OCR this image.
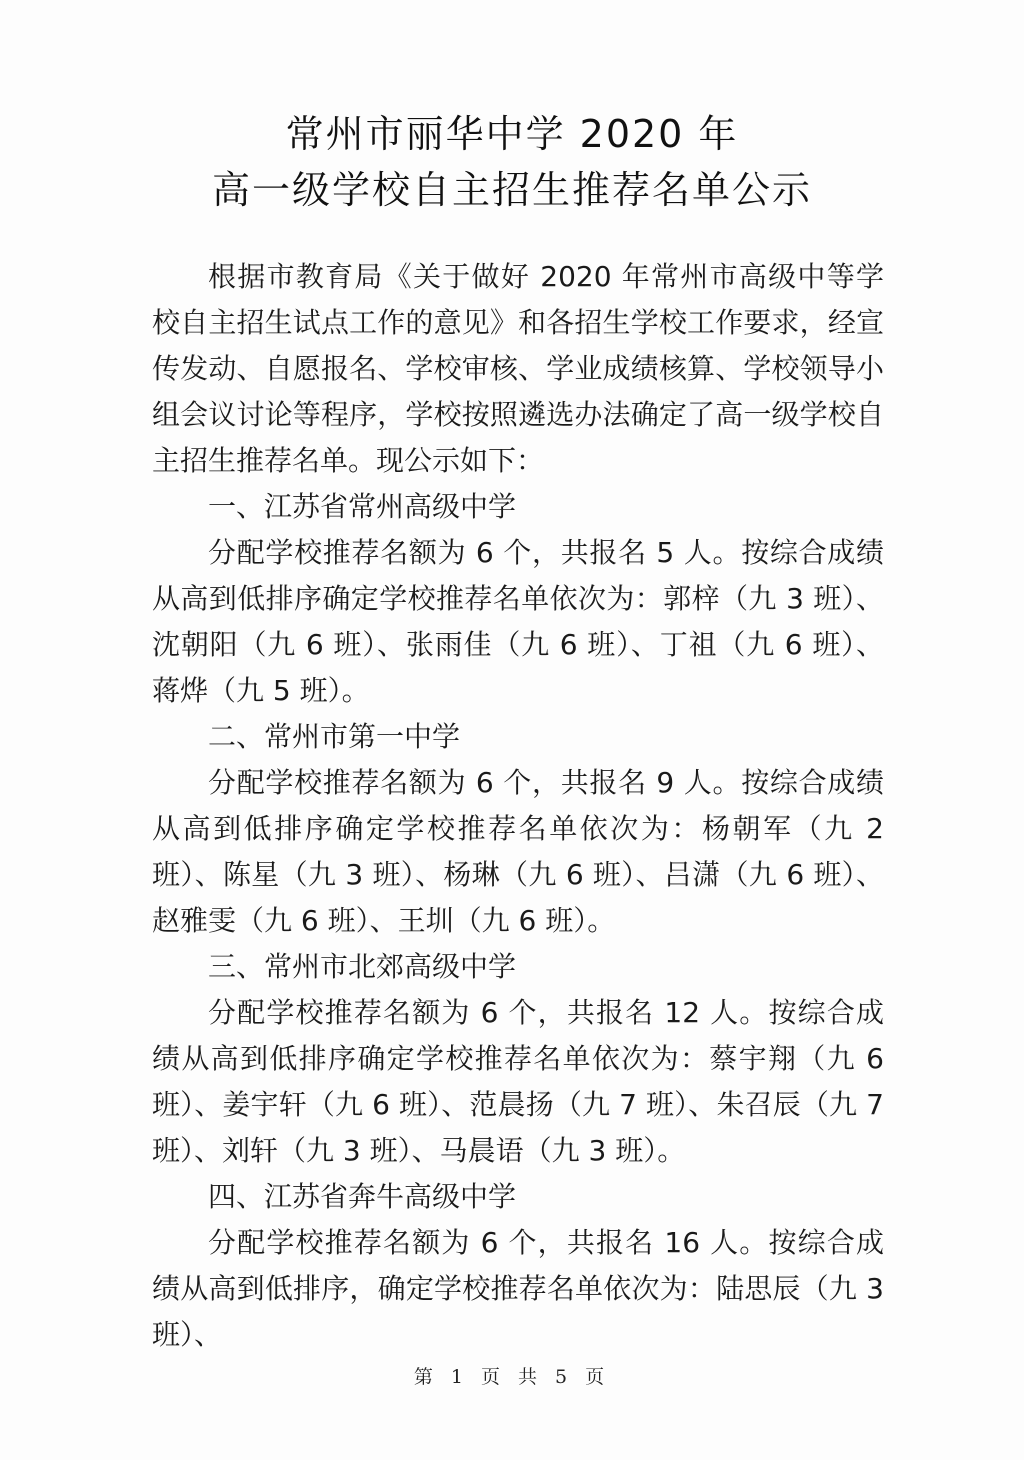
常州市丽华中学 2020 年
高一级学校自主招生推荐名单公示

根据市教育局《关于做好 2020 年常州市高级中等学校自主招生试点工作的意见》和各招生学校工作要求，经宣传发动、自愿报名、学校审核、学业成绩核算、学校领导小组会议讨论等程序，学校按照遴选办法确定了高一级学校自主招生推荐名单。现公示如下：

一、江苏省常州高级中学

分配学校推荐名额为 6 个，共报名 5 人。按综合成绩从高到低排序确定学校推荐名单依次为：郭梓（九 3 班）、沈朝阳（九 6 班）、张雨佳（九 6 班）、丁祖（九 6 班）、蒋烨（九 5 班）。

二、常州市第一中学

分配学校推荐名额为 6 个，共报名 9 人。按综合成绩从高到低排序确定学校推荐名单依次为：杨朝军（九 2 班）、陈星（九 3 班）、杨琳（九 6 班）、吕潇（九 6 班）、赵雅雯（九 6 班）、王圳（九 6 班）。

三、常州市北郊高级中学

分配学校推荐名额为 6 个，共报名 12 人。按综合成绩从高到低排序确定学校推荐名单依次为：蔡宇翔（九 6 班）、姜宇轩（九 6 班）、范晨扬（九 7 班）、朱召辰（九 7 班）、刘轩（九 3 班）、马晨语（九 3 班）。

四、江苏省奔牛高级中学

分配学校推荐名额为 6 个，共报名 16 人。按综合成绩从高到低排序，确定学校推荐名单依次为：陆思辰（九 3 班）、

第 1 页 共 5 页
